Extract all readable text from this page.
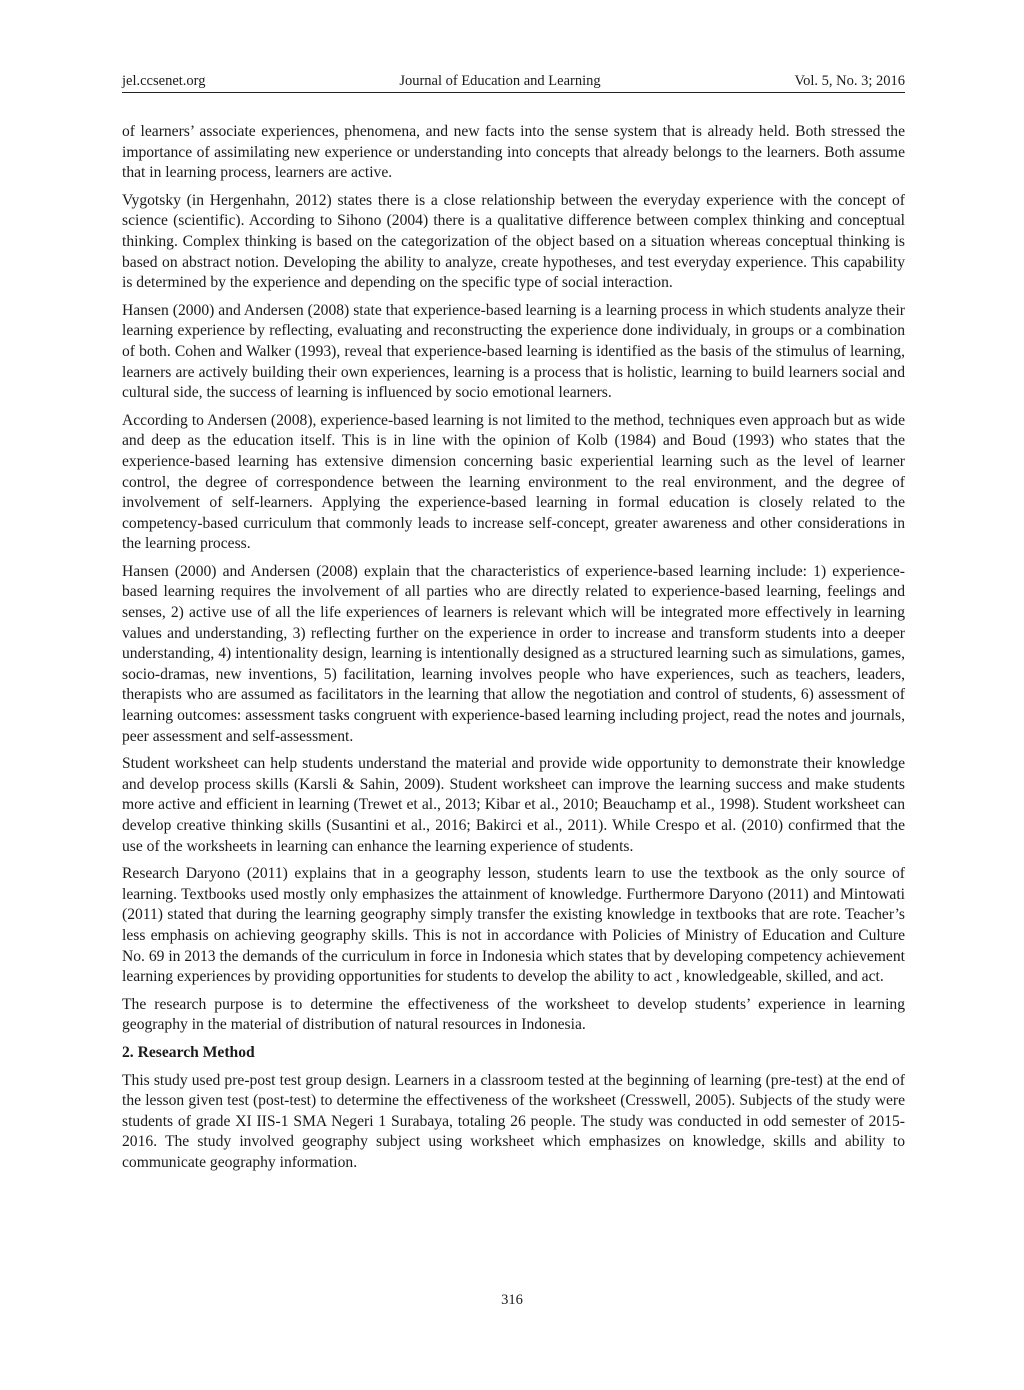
jel.ccsenet.org	Journal of Education and Learning	Vol. 5, No. 3; 2016

of learners’ associate experiences, phenomena, and new facts into the sense system that is already held. Both stressed the importance of assimilating new experience or understanding into concepts that already belongs to the learners. Both assume that in learning process, learners are active.

Vygotsky (in Hergenhahn, 2012) states there is a close relationship between the everyday experience with the concept of science (scientific). According to Sihono (2004) there is a qualitative difference between complex thinking and conceptual thinking. Complex thinking is based on the categorization of the object based on a situation whereas conceptual thinking is based on abstract notion. Developing the ability to analyze, create hypotheses, and test everyday experience. This capability is determined by the experience and depending on the specific type of social interaction.

Hansen (2000) and Andersen (2008) state that experience-based learning is a learning process in which students analyze their learning experience by reflecting, evaluating and reconstructing the experience done individualy, in groups or a combination of both. Cohen and Walker (1993), reveal that experience-based learning is identified as the basis of the stimulus of learning, learners are actively building their own experiences, learning is a process that is holistic, learning to build learners social and cultural side, the success of learning is influenced by socio emotional learners.

According to Andersen (2008), experience-based learning is not limited to the method, techniques even approach but as wide and deep as the education itself. This is in line with the opinion of Kolb (1984) and Boud (1993) who states that the experience-based learning has extensive dimension concerning basic experiential learning such as the level of learner control, the degree of correspondence between the learning environment to the real environment, and the degree of involvement of self-learners. Applying the experience-based learning in formal education is closely related to the competency-based curriculum that commonly leads to increase self-concept, greater awareness and other considerations in the learning process.

Hansen (2000) and Andersen (2008) explain that the characteristics of experience-based learning include: 1) experience-based learning requires the involvement of all parties who are directly related to experience-based learning, feelings and senses, 2) active use of all the life experiences of learners is relevant which will be integrated more effectively in learning values and understanding, 3) reflecting further on the experience in order to increase and transform students into a deeper understanding, 4) intentionality design, learning is intentionally designed as a structured learning such as simulations, games, socio-dramas, new inventions, 5) facilitation, learning involves people who have experiences, such as teachers, leaders, therapists who are assumed as facilitators in the learning that allow the negotiation and control of students, 6) assessment of learning outcomes: assessment tasks congruent with experience-based learning including project, read the notes and journals, peer assessment and self-assessment.

Student worksheet can help students understand the material and provide wide opportunity to demonstrate their knowledge and develop process skills (Karsli & Sahin, 2009). Student worksheet can improve the learning success and make students more active and efficient in learning (Trewet et al., 2013; Kibar et al., 2010; Beauchamp et al., 1998). Student worksheet can develop creative thinking skills (Susantini et al., 2016; Bakirci et al., 2011). While Crespo et al. (2010) confirmed that the use of the worksheets in learning can enhance the learning experience of students.

Research Daryono (2011) explains that in a geography lesson, students learn to use the textbook as the only source of learning. Textbooks used mostly only emphasizes the attainment of knowledge. Furthermore Daryono (2011) and Mintowati (2011) stated that during the learning geography simply transfer the existing knowledge in textbooks that are rote. Teacher’s less emphasis on achieving geography skills. This is not in accordance with Policies of Ministry of Education and Culture No. 69 in 2013 the demands of the curriculum in force in Indonesia which states that by developing competency achievement learning experiences by providing opportunities for students to develop the ability to act , knowledgeable, skilled, and act.

The research purpose is to determine the effectiveness of the worksheet to develop students’ experience in learning geography in the material of distribution of natural resources in Indonesia.

2. Research Method

This study used pre-post test group design. Learners in a classroom tested at the beginning of learning (pre-test) at the end of the lesson given test (post-test) to determine the effectiveness of the worksheet (Cresswell, 2005). Subjects of the study were students of grade XI IIS-1 SMA Negeri 1 Surabaya, totaling 26 people. The study was conducted in odd semester of 2015-2016. The study involved geography subject using worksheet which emphasizes on knowledge, skills and ability to communicate geography information.

316
